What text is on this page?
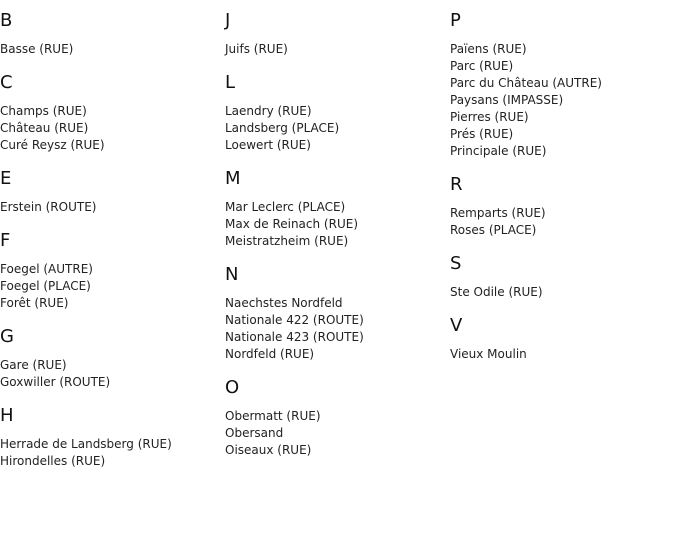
B
Basse (RUE)
C
Champs (RUE)
Château (RUE)
Curé Reysz (RUE)
E
Erstein (ROUTE)
F
Foegel (AUTRE)
Foegel (PLACE)
Forêt (RUE)
G
Gare (RUE)
Goxwiller (ROUTE)
H
Herrade de Landsberg (RUE)
Hirondelles (RUE)
J
Juifs (RUE)
L
Laendry (RUE)
Landsberg (PLACE)
Loewert (RUE)
M
Mar Leclerc (PLACE)
Max de Reinach (RUE)
Meistratzheim (RUE)
N
Naechstes Nordfeld
Nationale 422 (ROUTE)
Nationale 423 (ROUTE)
Nordfeld (RUE)
O
Obermatt (RUE)
Obersand
Oiseaux (RUE)
P
Païens (RUE)
Parc (RUE)
Parc du Château (AUTRE)
Paysans (IMPASSE)
Pierres (RUE)
Prés (RUE)
Principale (RUE)
R
Remparts (RUE)
Roses (PLACE)
S
Ste Odile (RUE)
V
Vieux Moulin
